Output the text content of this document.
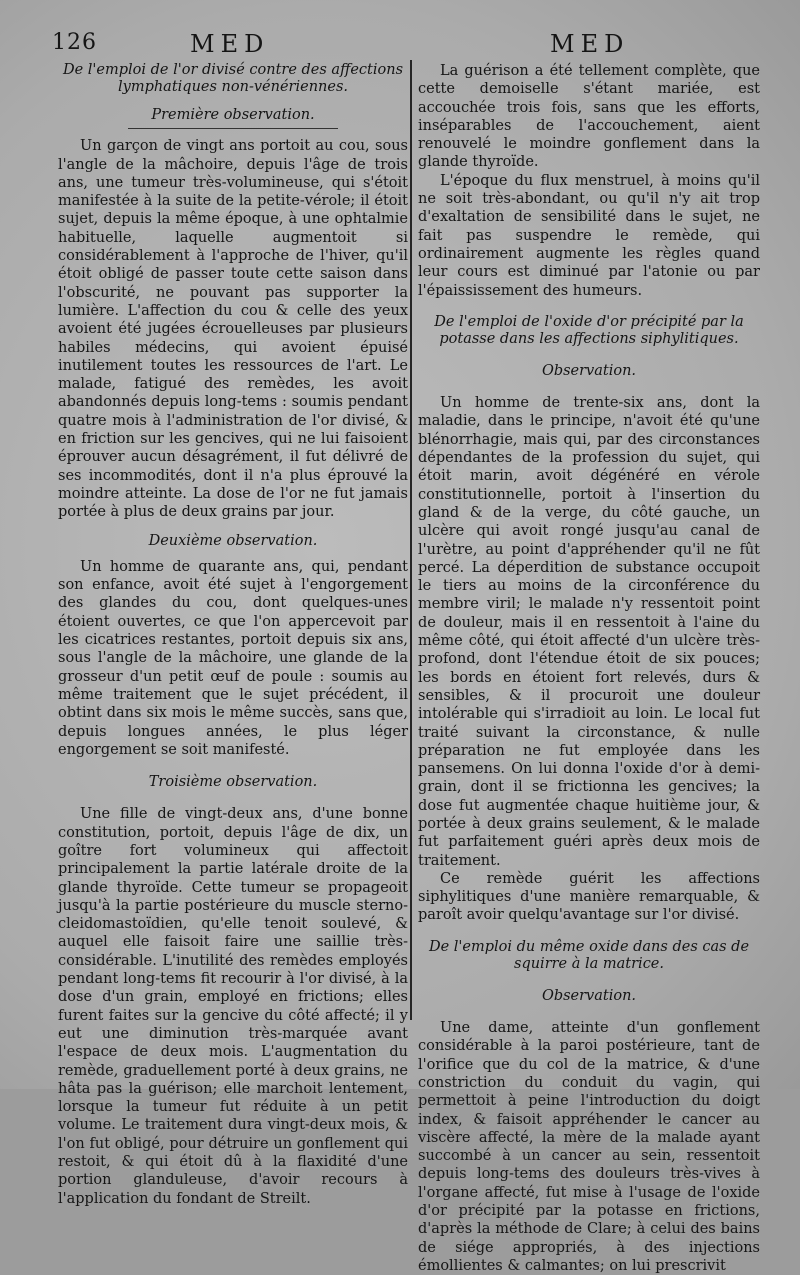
126	MED	MED
De l'emploi de l'or divisé contre des affections lymphatiques non-vénériennes.
Première observation.

Un garçon de vingt ans portoit au cou, sous l'angle de la mâchoire, depuis l'âge de trois ans, une tumeur très-volumineuse, qui s'étoit manifestée à la suite de la petite-vérole; il étoit sujet, depuis la même époque, à une ophtalmie habituelle, laquelle augmentoit si considérablement à l'approche de l'hiver, qu'il étoit obligé de passer toute cette saison dans l'obscurité, ne pouvant pas supporter la lumière. L'affection du cou & celle des yeux avoient été jugées écrouelleuses par plusieurs habiles médecins, qui avoient épuisé inutilement toutes les ressources de l'art. Le malade, fatigué des remèdes, les avoit abandonnés depuis long-tems : soumis pendant quatre mois à l'administration de l'or divisé, & en friction sur les gencives, qui ne lui faisoient éprouver aucun désagrément, il fut délivré de ses incommodités, dont il n'a plus éprouvé la moindre atteinte. La dose de l'or ne fut jamais portée à plus de deux grains par jour.

Deuxième observation.

Un homme de quarante ans, qui, pendant son enfance, avoit été sujet à l'engorgement des glandes du cou, dont quelques-unes étoient ouvertes, ce que l'on appercevoit par les cicatrices restantes, portoit depuis six ans, sous l'angle de la mâchoire, une glande de la grosseur d'un petit œuf de poule : soumis au même traitement que le sujet précédent, il obtint dans six mois le même succès, sans que, depuis longues années, le plus léger engorgement se soit manifesté.

Troisième observation.

Une fille de vingt-deux ans, d'une bonne constitution, portoit, depuis l'âge de dix, un goître fort volumineux qui affectoit principalement la partie latérale droite de la glande thyroïde. Cette tumeur se propageoit jusqu'à la partie postérieure du muscle sterno-cleidomastoïdien, qu'elle tenoit soulevé, & auquel elle faisoit faire une saillie très-considérable. L'inutilité des remèdes employés pendant long-tems fit recourir à l'or divisé, à la dose d'un grain, employé en frictions; elles furent faites sur la gencive du côté affecté; il y eut une diminution très-marquée avant l'espace de deux mois. L'augmentation du remède, graduellement porté à deux grains, ne hâta pas la guérison; elle marchoit lentement, lorsque la tumeur fut réduite à un petit volume. Le traitement dura vingt-deux mois, & l'on fut obligé, pour détruire un gonflement qui restoit, & qui étoit dû à la flaxidité d'une portion glanduleuse, d'avoir recours à l'application du fondant de Streilt.

La guérison a été tellement complète, que cette demoiselle s'étant mariée, est accouchée trois fois, sans que les efforts, inséparables de l'accouchement, aient renouvelé le moindre gonflement dans la glande thyroïde.

L'époque du flux menstruel, à moins qu'il ne soit très-abondant, ou qu'il n'y ait trop d'exaltation de sensibilité dans le sujet, ne fait pas suspendre le remède, qui ordinairement augmente les règles quand leur cours est diminué par l'atonie ou par l'épaississement des humeurs.

De l'emploi de l'oxide d'or précipité par la potasse dans les affections siphylitiques.
Observation.

Un homme de trente-six ans, dont la maladie, dans le principe, n'avoit été qu'une blénorrhagie, mais qui, par des circonstances dépendantes de la profession du sujet, qui étoit marin, avoit dégénéré en vérole constitutionnelle, portoit à l'insertion du gland & de la verge, du côté gauche, un ulcère qui avoit rongé jusqu'au canal de l'urètre, au point d'appréhender qu'il ne fût percé. La déperdition de substance occupoit le tiers au moins de la circonférence du membre viril; le malade n'y ressentoit point de douleur, mais il en ressentoit à l'aine du même côté, qui étoit affecté d'un ulcère très-profond, dont l'étendue étoit de six pouces; les bords en étoient fort relevés, durs & sensibles, & il procuroit une douleur intolérable qui s'irradioit au loin. Le local fut traité suivant la circonstance, & nulle préparation ne fut employée dans les pansemens. On lui donna l'oxide d'or à demi-grain, dont il se frictionna les gencives; la dose fut augmentée chaque huitième jour, & portée à deux grains seulement, & le malade fut parfaitement guéri après deux mois de traitement.

Ce remède guérit les affections siphylitiques d'une manière remarquable, & paroît avoir quelqu'avantage sur l'or divisé.

De l'emploi du même oxide dans des cas de squirre à la matrice.
Observation.

Une dame, atteinte d'un gonflement considérable à la paroi postérieure, tant de l'orifice que du col de la matrice, & d'une constriction du conduit du vagin, qui permettoit à peine l'introduction du doigt index, & faisoit appréhender le cancer au viscère affecté, la mère de la malade ayant succombé à un cancer au sein, ressentoit depuis long-tems des douleurs très-vives à l'organe affecté, fut mise à l'usage de l'oxide d'or précipité par la potasse en frictions, d'après la méthode de Clare; à celui des bains de siége appropriés, à des injections émollientes & calmantes; on lui prescrivit
